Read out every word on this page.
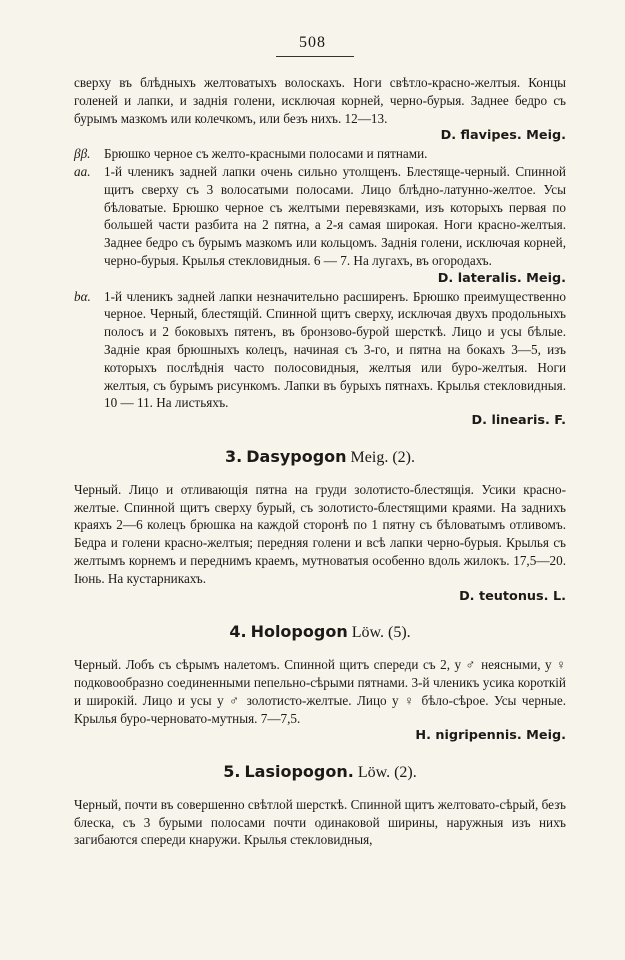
508
сверху въ блѣдныхъ желтоватыхъ волоскахъ. Ноги свѣтло-красно-желтыя. Концы голеней и лапки, и заднія голени, исключая корней, черно-бурыя. Заднее бедро съ бурымъ мазкомъ или колечкомъ, или безъ нихъ. 12—13.
D. flavipes. Meig.
ββ. Брюшко черное съ желто-красными полосами и пятнами.
aa. 1-й члeникъ задней лапки очень сильно утолщенъ. Блестяще-черный. Спинной щитъ сверху съ 3 волосатыми полосами. Лицо блѣдно-латунно-желтое. Усы бѣловатые. Брюшко черное съ желтыми перевязками, изъ которыхъ первая по большей части разбита на 2 пятна, а 2-я самая широкая. Ноги красно-желтыя. Заднее бедро съ бурымъ мазкомъ или кольцомъ. Заднія голени, исключая корней, черно-бурыя. Крылья стекловидныя. 6 — 7. На лугахъ, въ огородахъ.
D. lateralis. Meig.
bα. 1-й члeникъ задней лапки незначительно расширенъ. Брюшко преимущественно черное. Черный, блестящій. Спинной щитъ сверху, исключая двухъ продольныхъ полосъ и 2 боковыхъ пятенъ, въ бронзово-бурой шерсткѣ. Лицо и усы бѣлые. Заднiе края брюшныхъ колецъ, начиная съ 3-го, и пятна на бокахъ 3—5, изъ которыхъ послѣднія часто полосовидныя, желтыя или буро-желтыя. Ноги желтыя, съ бурымъ рисункомъ. Лапки въ бурыхъ пятнахъ. Крылья стекловидныя. 10 — 11. На листьяхъ.
D. linearis. F.
3. Dasypogon Meig. (2).
Черный. Лицо и отливающія пятна на груди золотисто-блестящія. Усики красно-желтые. Спинной щитъ сверху бурый, съ золотисто-блестящими краями. На заднихъ краяхъ 2—6 колецъ брюшка на каждой сторонѣ по 1 пятну съ бѣловатымъ отливомъ. Бедра и голени красно-желтыя; передняя голени и всѣ лапки черно-бурыя. Крылья съ желтымъ корнемъ и переднимъ краемъ, мутноватыя особенно вдоль жилокъ. 17,5—20. Іюнь. На кустарникахъ.
D. teutonus. L.
4. Holopogon Löw. (5).
Черный. Лобъ съ сѣрымъ налетомъ. Спинной щитъ спереди съ 2, у ♂ неясными, у ♀ подковообразно соединенными пепельно-сѣрыми пятнами. 3-й членикъ усика короткій и широкій. Лицо и усы у ♂ золотисто-желтые. Лицо у ♀ бѣло-сѣрое. Усы черные. Крылья буро-черновато-мутныя. 7—7,5.
H. nigripennis. Meig.
5. Lasiopogon. Löw. (2).
Черный, почти въ совершенно свѣтлой шерсткѣ. Спинной щитъ желтовато-сѣрый, безъ блеска, съ 3 бурыми полосами почти одинаковой ширины, наружныя изъ нихъ загибаются спереди кнаружи. Крылья стекловидныя,
